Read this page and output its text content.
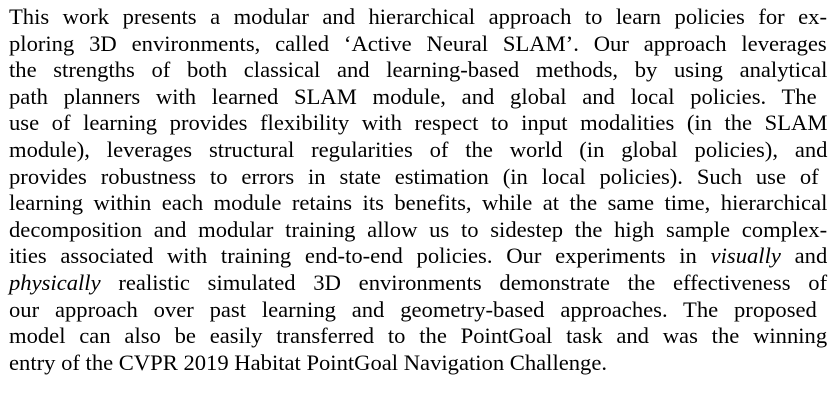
This work presents a modular and hierarchical approach to learn policies for ex-
ploring 3D environments, called ‘Active Neural SLAM’. Our approach leverages
the strengths of both classical and learning-based methods, by using analytical
path planners with learned SLAM module, and global and local policies. The
use of learning provides flexibility with respect to input modalities (in the SLAM
module), leverages structural regularities of the world (in global policies), and
provides robustness to errors in state estimation (in local policies). Such use of
learning within each module retains its benefits, while at the same time, hierarchical
decomposition and modular training allow us to sidestep the high sample complex-
ities associated with training end-to-end policies. Our experiments in visually and
physically realistic simulated 3D environments demonstrate the effectiveness of
our approach over past learning and geometry-based approaches. The proposed
model can also be easily transferred to the PointGoal task and was the winning
entry of the CVPR 2019 Habitat PointGoal Navigation Challenge.
